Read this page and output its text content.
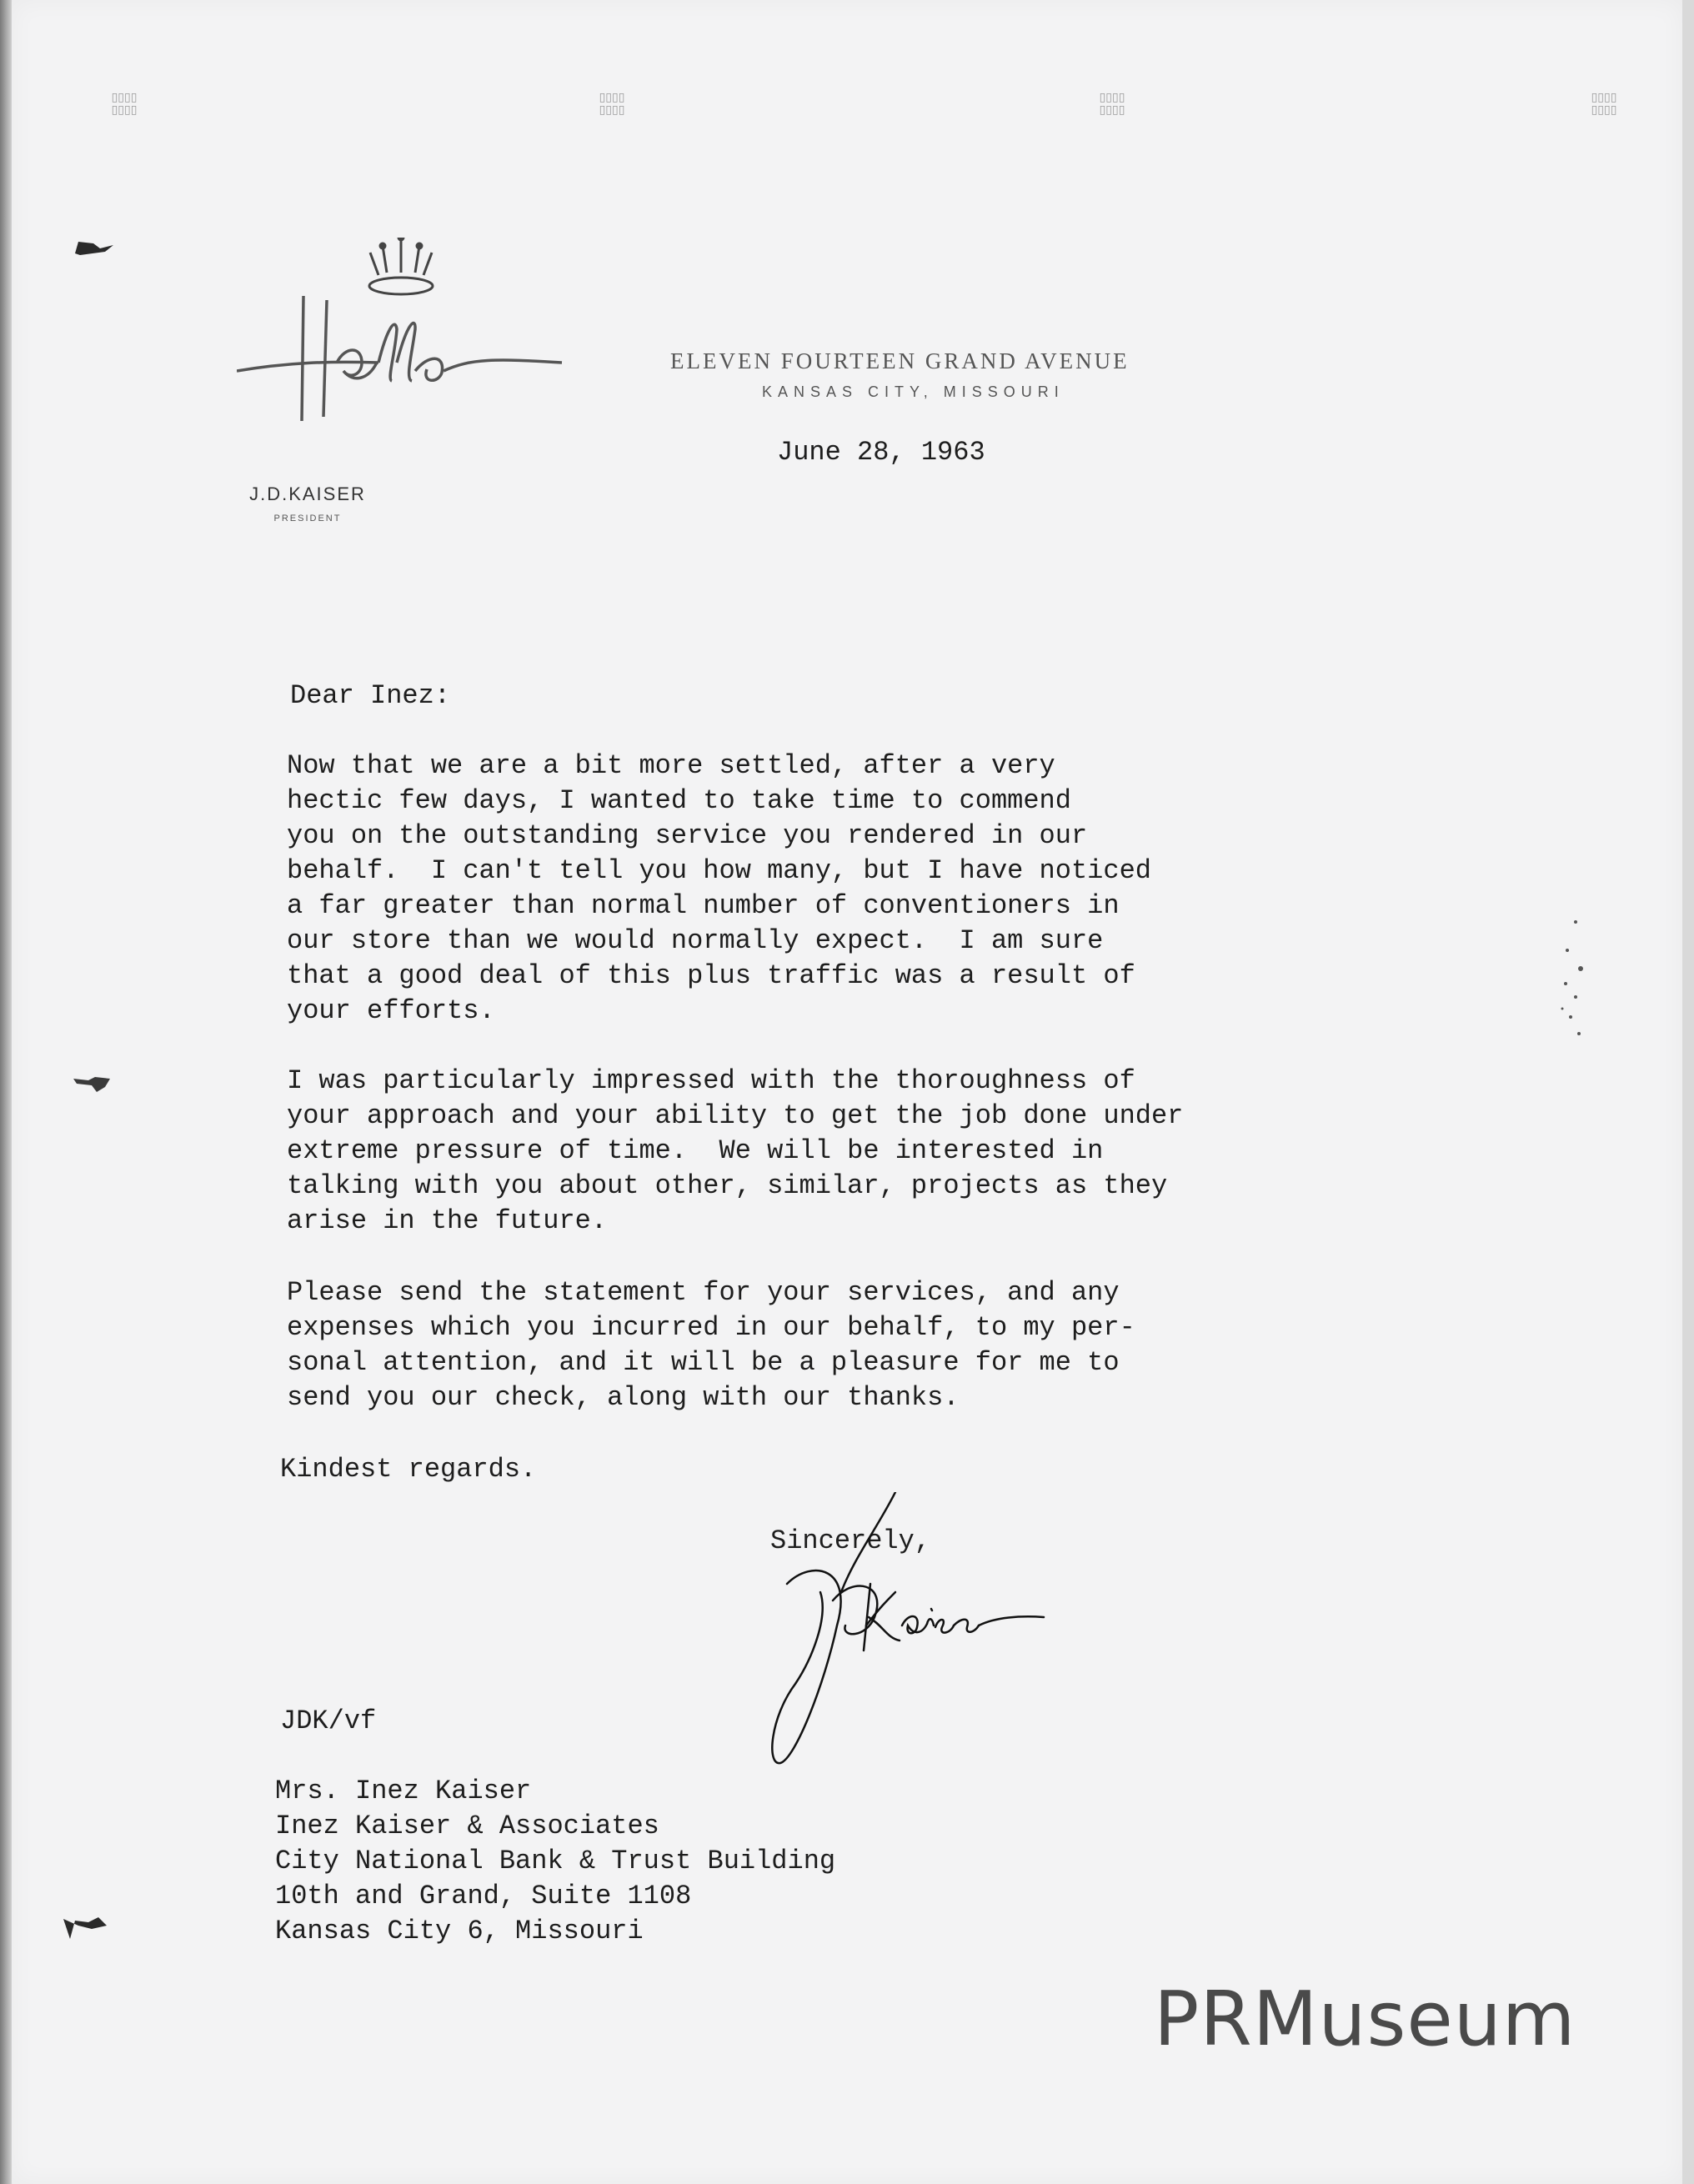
▯▯▯▯
▯▯▯▯
▯▯▯▯
▯▯▯▯
▯▯▯▯
▯▯▯▯
▯▯▯▯
▯▯▯▯
J.D.KAISER
PRESIDENT
ELEVEN FOURTEEN GRAND AVENUE
KANSAS CITY, MISSOURI
June 28, 1963
Dear Inez:
Now that we are a bit more settled, after a very
hectic few days, I wanted to take time to commend
you on the outstanding service you rendered in our
behalf.  I can't tell you how many, but I have noticed
a far greater than normal number of conventioners in
our store than we would normally expect.  I am sure
that a good deal of this plus traffic was a result of
your efforts.
I was particularly impressed with the thoroughness of
your approach and your ability to get the job done under
extreme pressure of time.  We will be interested in
talking with you about other, similar, projects as they
arise in the future.
Please send the statement for your services, and any
expenses which you incurred in our behalf, to my per-
sonal attention, and it will be a pleasure for me to
send you our check, along with our thanks.
Kindest regards.
Sincerely,
JDK/vf
Mrs. Inez Kaiser
Inez Kaiser & Associates
City National Bank & Trust Building
10th and Grand, Suite 1108
Kansas City 6, Missouri
PRMuseum
